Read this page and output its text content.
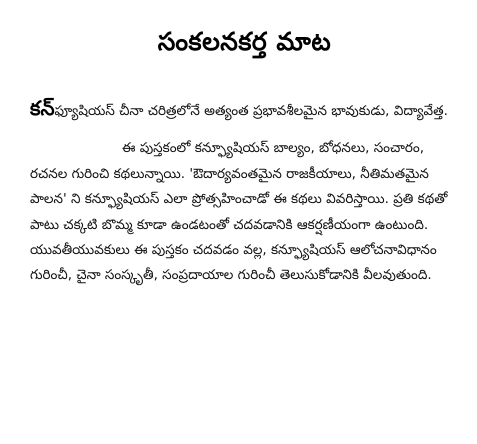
సంకలనకర్త మాట

కన్ఫ్యూషియస్ చీనా చరిత్రలోనే అత్యంత ప్రభావశీలమైన భావుకుడు, విద్యావేత్త.

ఈ పుస్తకంలో కన్ఫ్యూషియస్ బాల్యం, బోధనలు, సంచారం, రచనల గురించి కథలున్నాయి. 'ఔదార్యవంతమైన రాజకీయాలు, నీతిమతమైన పాలన' ని కన్ఫ్యూషియస్ ఎలా ప్రోత్సహించాడో ఈ కథలు వివరిస్తాయి. ప్రతి కథతో పాటు చక్కటి బొమ్మ కూడా ఉండటంతో చదవడానికి ఆకర్షణీయంగా ఉంటుంది. యువతీయువకులు ఈ పుస్తకం చదవడం వల్ల, కన్ఫ్యూషియస్ ఆలోచనావిధానం గురించీ, చైనా సంస్కృతీ, సంప్రదాయాల గురించీ తెలుసుకోడానికి వీలవుతుంది.
